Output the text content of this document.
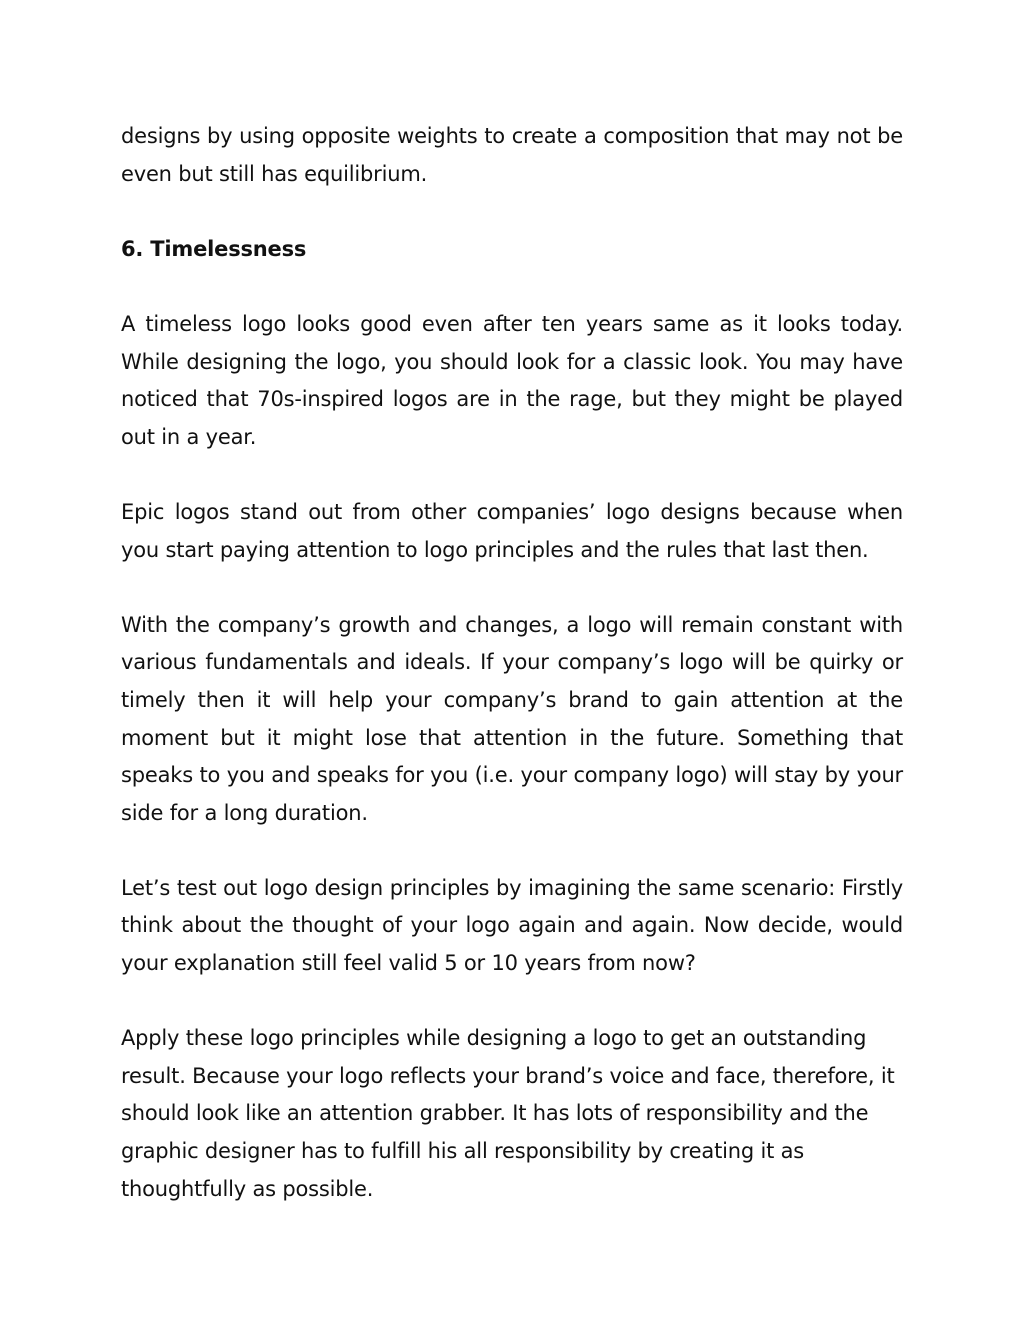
designs by using opposite weights to create a composition that may not be even but still has equilibrium.

6. Timelessness

A timeless logo looks good even after ten years same as it looks today. While designing the logo, you should look for a classic look. You may have noticed that 70s-inspired logos are in the rage, but they might be played out in a year.

Epic logos stand out from other companies’ logo designs because when you start paying attention to logo principles and the rules that last then.

With the company’s growth and changes, a logo will remain constant with various fundamentals and ideals. If your company’s logo will be quirky or timely then it will help your company’s brand to gain attention at the moment but it might lose that attention in the future. Something that speaks to you and speaks for you (i.e. your company logo) will stay by your side for a long duration.

Let’s test out logo design principles by imagining the same scenario: Firstly think about the thought of your logo again and again. Now decide, would your explanation still feel valid 5 or 10 years from now?

Apply these logo principles while designing a logo to get an outstanding result. Because your logo reflects your brand’s voice and face, therefore, it should look like an attention grabber. It has lots of responsibility and the graphic designer has to fulfill his all responsibility by creating it as thoughtfully as possible.
